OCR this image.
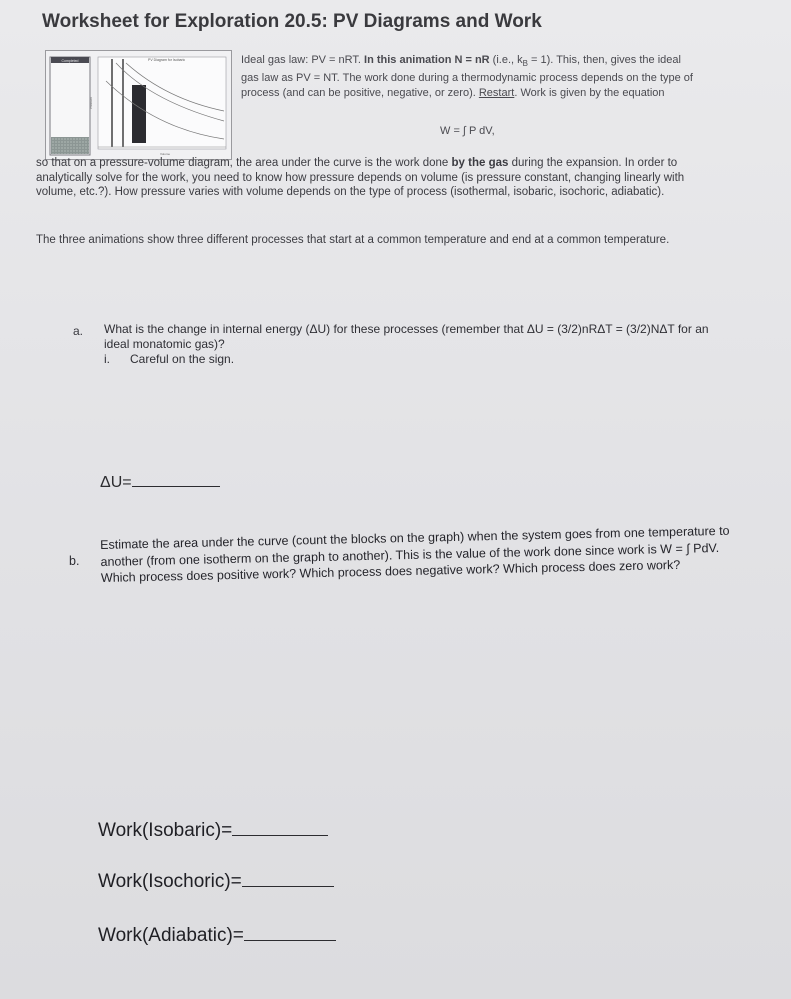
Worksheet for Exploration 20.5: PV Diagrams and Work
Completed	PV Diagram for Isobaric
Pressure
Volume
Ideal gas law: PV = nRT. In this animation N = nR (i.e., $k_B = 1$). This, then, gives the ideal gas law as PV = NT. The work done during a thermodynamic process depends on the type of process (and can be positive, negative, or zero). Restart. Work is given by the equation
W = ∫ P dV,
so that on a pressure-volume diagram, the area under the curve is the work done by the gas during the expansion. In order to analytically solve for the work, you need to know how pressure depends on volume (is pressure constant, changing linearly with volume, etc.?). How pressure varies with volume depends on the type of process (isothermal, isobaric, isochoric, adiabatic).
The three animations show three different processes that start at a common temperature and end at a common temperature.
a. What is the change in internal energy (ΔU) for these processes (remember that ΔU = (3/2)nRΔT = (3/2)NΔT for an ideal monatomic gas)?
i. Careful on the sign.
ΔU=
b.
Estimate the area under the curve (count the blocks on the graph) when the system goes from one temperature to another (from one isotherm on the graph to another). This is the value of the work done since work is W = ∫ PdV. Which process does positive work? Which process does negative work? Which process does zero work?
Work(Isobaric)=
Work(Isochoric)=
Work(Adiabatic)=
